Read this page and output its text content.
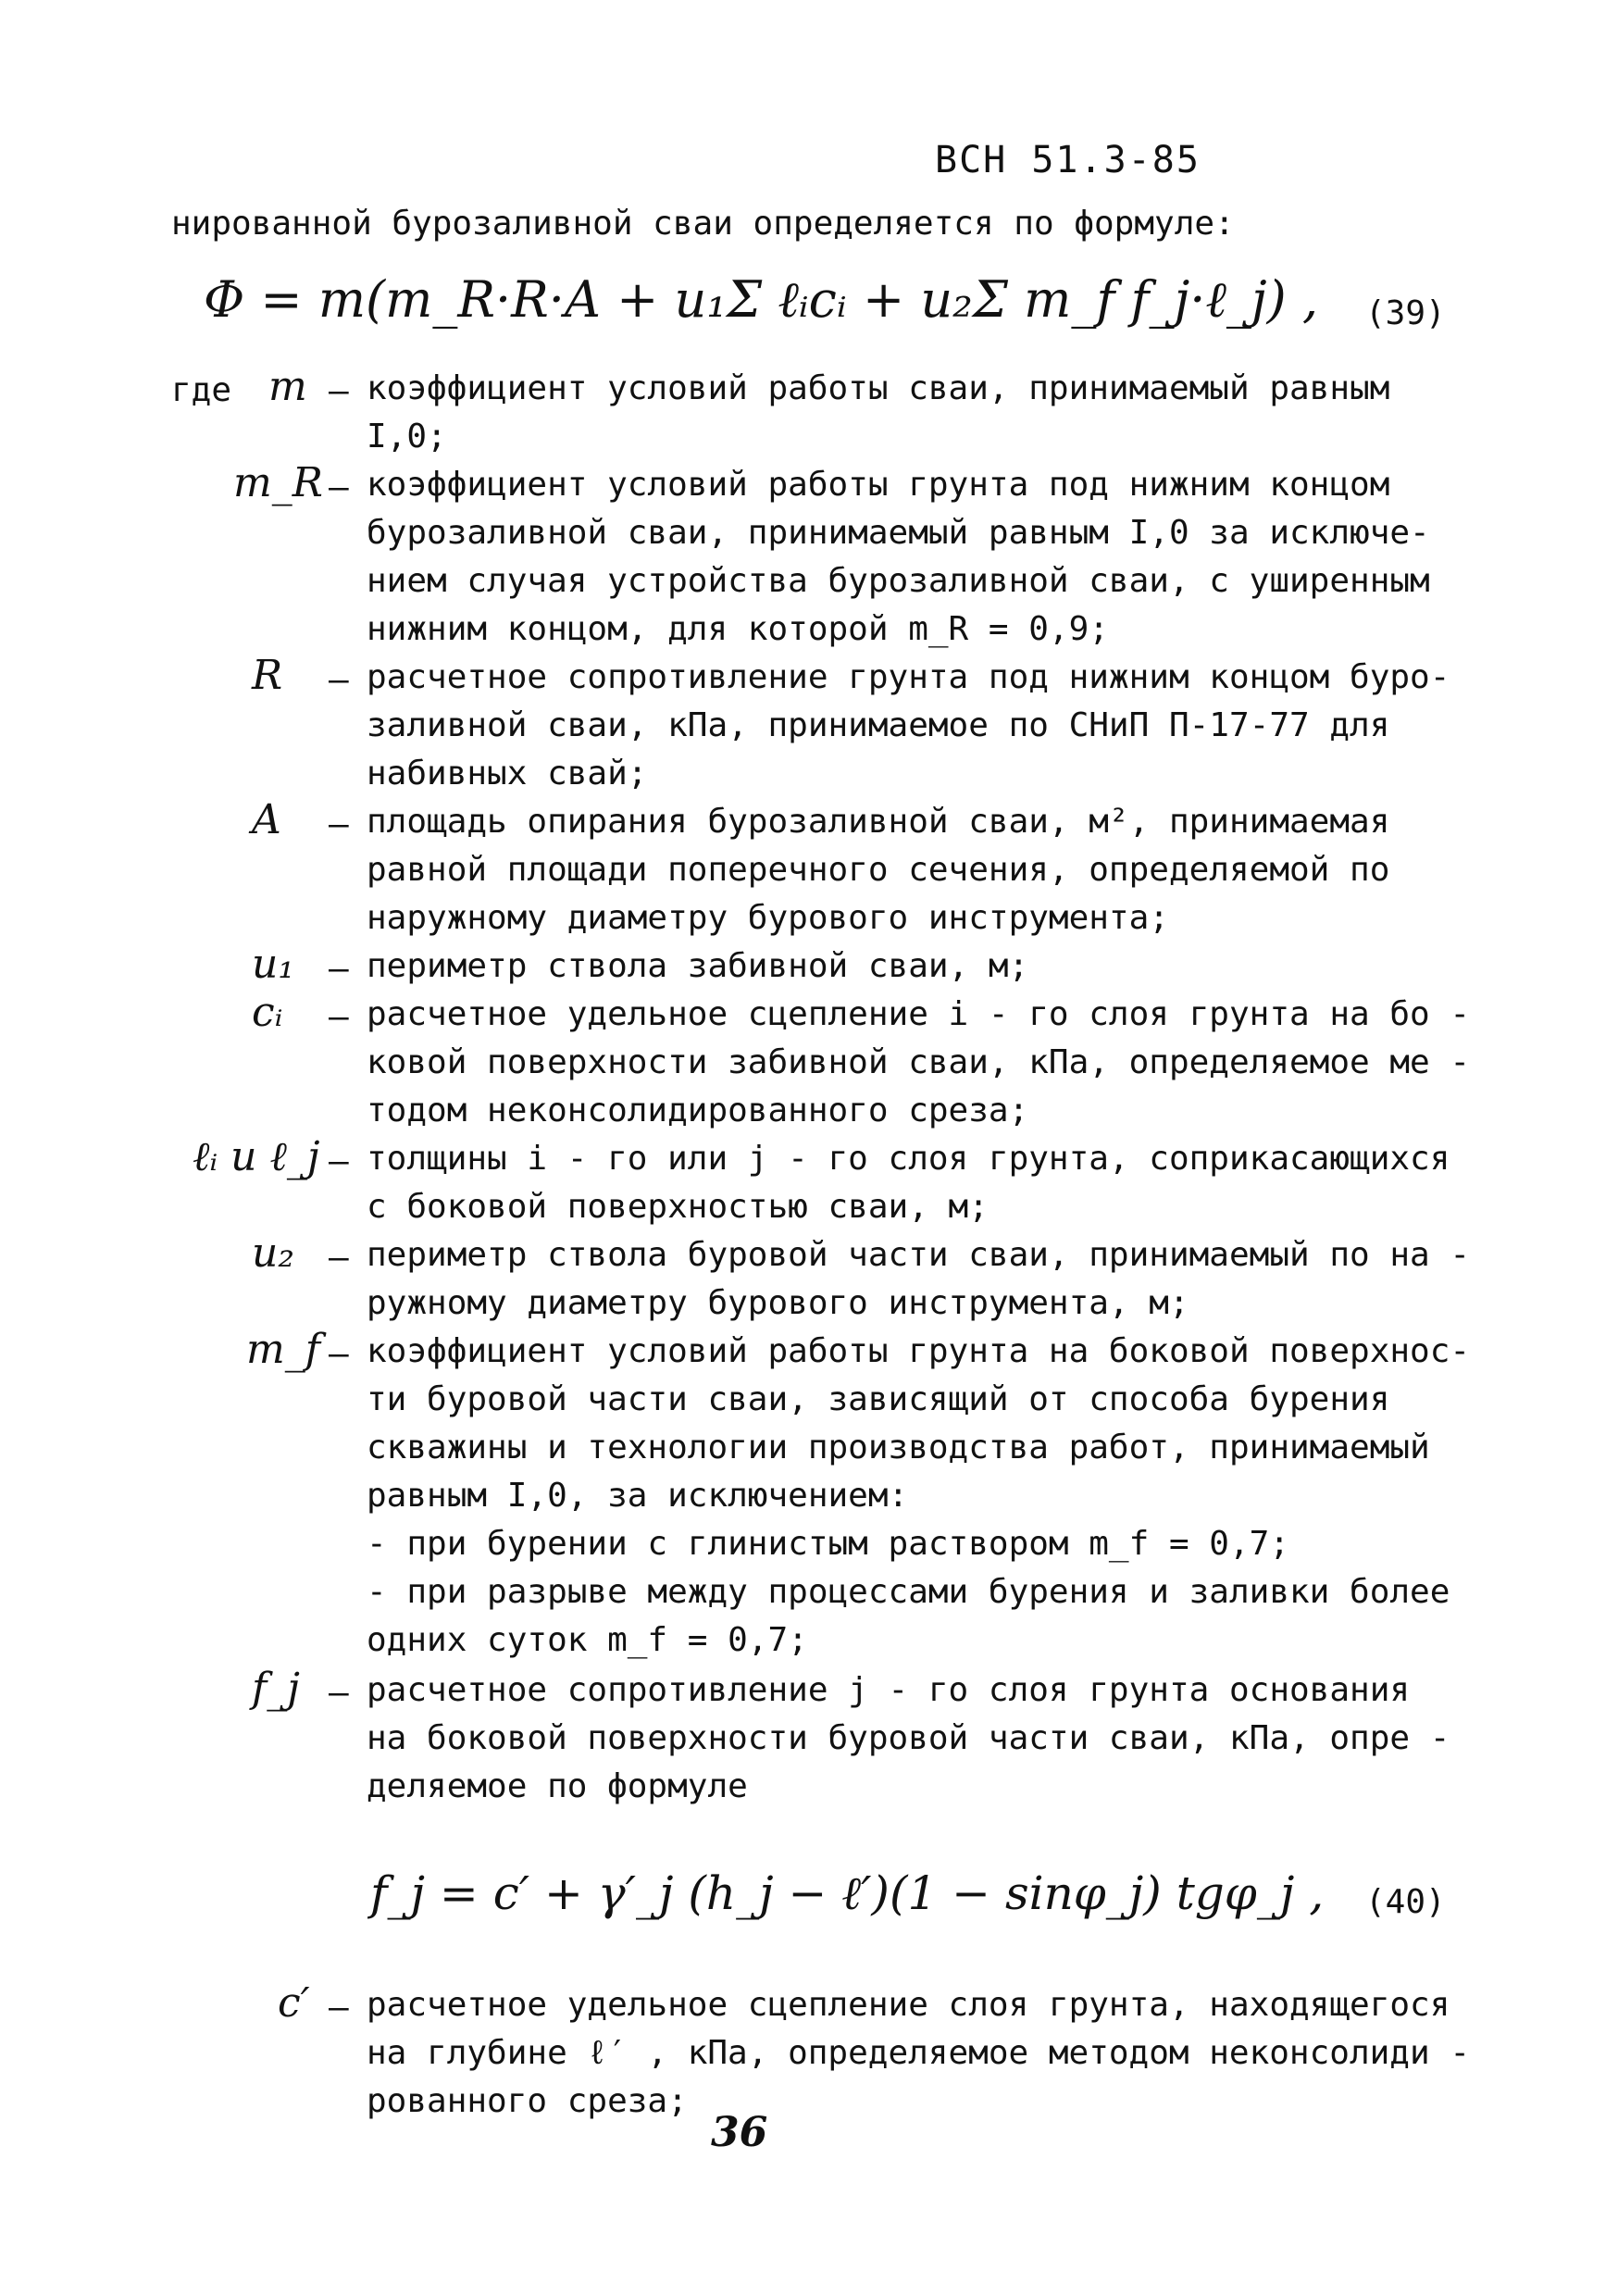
ВСН 51.3-85
нированной бурозаливной сваи определяется по формуле:
Φ = m(m_R·R·A + u₁Σ ℓᵢcᵢ + u₂Σ m_f f_j·ℓ_j) , (39)
где m – коэффициент условий работы сваи, принимаемый равным
I,0;
m_R – коэффициент условий работы грунта под нижним концом
бурозаливной сваи, принимаемый равным I,0 за исключе-
нием случая устройства бурозаливной сваи, с уширенным
нижним концом, для которой m_R = 0,9;
R – расчетное сопротивление грунта под нижним концом буро-
заливной сваи, кПа, принимаемое по СНиП П-17-77 для
набивных свай;
A – площадь опирания бурозаливной сваи, м², принимаемая
равной площади поперечного сечения, определяемой по
наружному диаметру бурового инструмента;
u₁ – периметр ствола забивной сваи, м;
cᵢ – расчетное удельное сцепление i - го слоя грунта на бо -
ковой поверхности забивной сваи, кПа, определяемое ме -
тодом неконсолидированного среза;
ℓᵢ и ℓ_j – толщины i - го или j - го слоя грунта, соприкасающихся
с боковой поверхностью сваи, м;
u₂ – периметр ствола буровой части сваи, принимаемый по на -
ружному диаметру бурового инструмента, м;
m_f – коэффициент условий работы грунта на боковой поверхнос-
ти буровой части сваи, зависящий от способа бурения
скважины и технологии производства работ, принимаемый
равным I,0, за исключением:
- при бурении с глинистым раствором m_f = 0,7;
- при разрыве между процессами бурения и заливки более
одних суток m_f = 0,7;
f_j – расчетное сопротивление j - го слоя грунта основания
на боковой поверхности буровой части сваи, кПа, опре -
деляемое по формуле
f_j = c′ + γ′_j (h_j − ℓ′)(1 − sinφ_j) tgφ_j , (40)
c′ – расчетное удельное сцепление слоя грунта, находящегося
на глубине ℓ′ , кПа, определяемое методом неконсолиди -
рованного среза;
36
